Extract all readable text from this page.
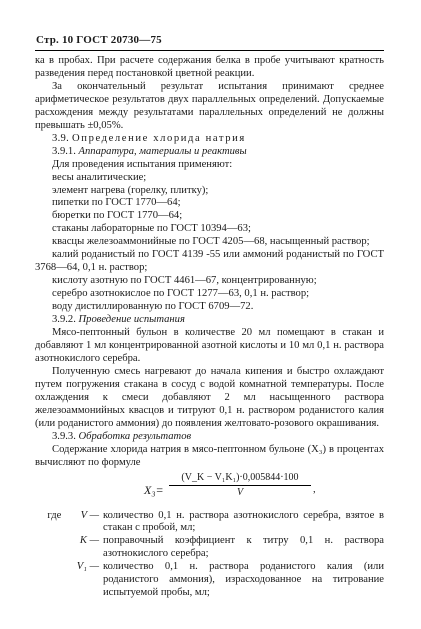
Стр. 10 ГОСТ 20730—75

ка в пробах. При расчете содержания белка в пробе учитывают кратность разведения перед постановкой цветной реакции.

За окончательный результат испытания принимают среднее арифметическое результатов двух параллельных определений. Допускаемые расхождения между результатами параллельных определений не должны превышать ±0,05%.

3.9. Определение хлорида натрия

3.9.1. Аппаратура, материалы и реактивы

Для проведения испытания применяют:

весы аналитические;

элемент нагрева (горелку, плитку);

пипетки по ГОСТ 1770—64;

бюретки по ГОСТ 1770—64;

стаканы лабораторные по ГОСТ 10394—63;

квасцы железоаммонийные по ГОСТ 4205—68, насыщенный раствор;

калий роданистый по ГОСТ 4139 -55 или аммоний роданистый по ГОСТ 3768—64, 0,1 н. раствор;

кислоту азотную по ГОСТ 4461—67, концентрированную;

серебро азотнокислое по ГОСТ 1277—63, 0,1 н. раствор;

воду дистиллированную по ГОСТ 6709—72.

3.9.2. Проведение испытания

Мясо-пептонный бульон в количестве 20 мл помещают в стакан и добавляют 1 мл концентрированной азотной кислоты и 10 мл 0,1 н. раствора азотнокислого серебра.

Полученную смесь нагревают до начала кипения и быстро охлаждают путем погружения стакана в сосуд с водой комнатной температуры. После охлаждения к смеси добавляют 2 мл насыщенного раствора железоаммонийных квасцов и титруют 0,1 н. раствором роданистого калия (или роданистого аммония) до появления желтовато-розового окрашивания.

3.9.3. Обработка результатов

Содержание хлорида натрия в мясо-пептонном бульоне (X₃) в процентах вычисляют по формуле

$X_3= \frac{\text{(V\_K − V₁K₁)·0,005844·100}}{V}$ ,
где V — количество 0,1 н. раствора азотнокислого серебра, взятое в стакан с пробой, мл;
K — поправочный коэффициент к титру 0,1 н. раствора азотнокислого серебра;
V₁ — количество 0,1 н. раствора роданистого калия (или роданистого аммония), израсходованное на титрование испытуемой пробы, мл;
